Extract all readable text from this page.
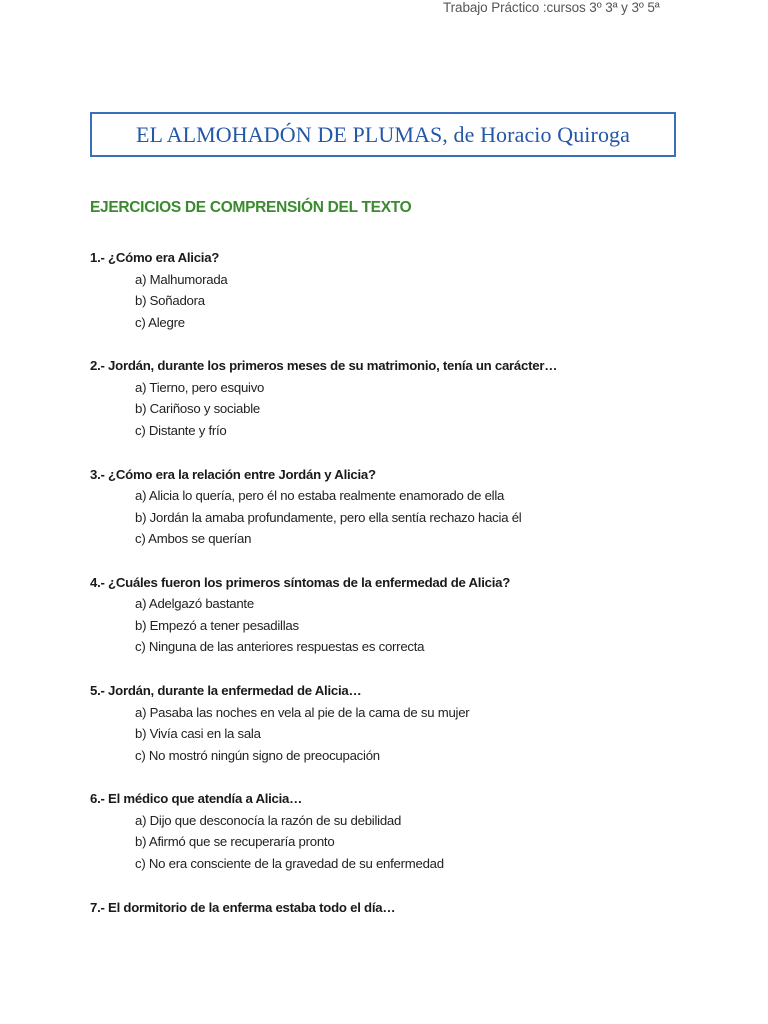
Trabajo Prácti​co :cursos 3º 3ª y 3º 5ª
EL ALMOHADÓN DE PLUMAS, de Horacio Quiroga
EJERCICIOS DE COMPRENSIÓN DEL TEXTO
1.- ¿Cómo era Alicia?
a) Malhumorada
b) Soñadora
c) Alegre
2.- Jordán, durante los primeros meses de su matrimonio, tenía un carácter…
a) Tierno, pero esquivo
b) Cariñoso y sociable
c) Distante y frío
3.- ¿Cómo era la relación entre Jordán y Alicia?
a) Alicia lo quería, pero él no estaba realmente enamorado de ella
b) Jordán la amaba profundamente, pero ella sentía rechazo hacia él
c) Ambos se querían
4.- ¿Cuáles fueron los primeros síntomas de la enfermedad de Alicia?
a) Adelgazó bastante
b) Empezó a tener pesadillas
c) Ninguna de las anteriores respuestas es correcta
5.- Jordán, durante la enfermedad de Alicia…
a) Pasaba las noches en vela al pie de la cama de su mujer
b) Vivía casi en la sala
c) No mostró ningún signo de preocupación
6.- El médico que atendía a Alicia…
a) Dijo que desconocía la razón de su debilidad
b) Afirmó que se recuperaría pronto
c) No era consciente de la gravedad de su enfermedad
7.- El dormitorio de la enferma estaba todo el día…
